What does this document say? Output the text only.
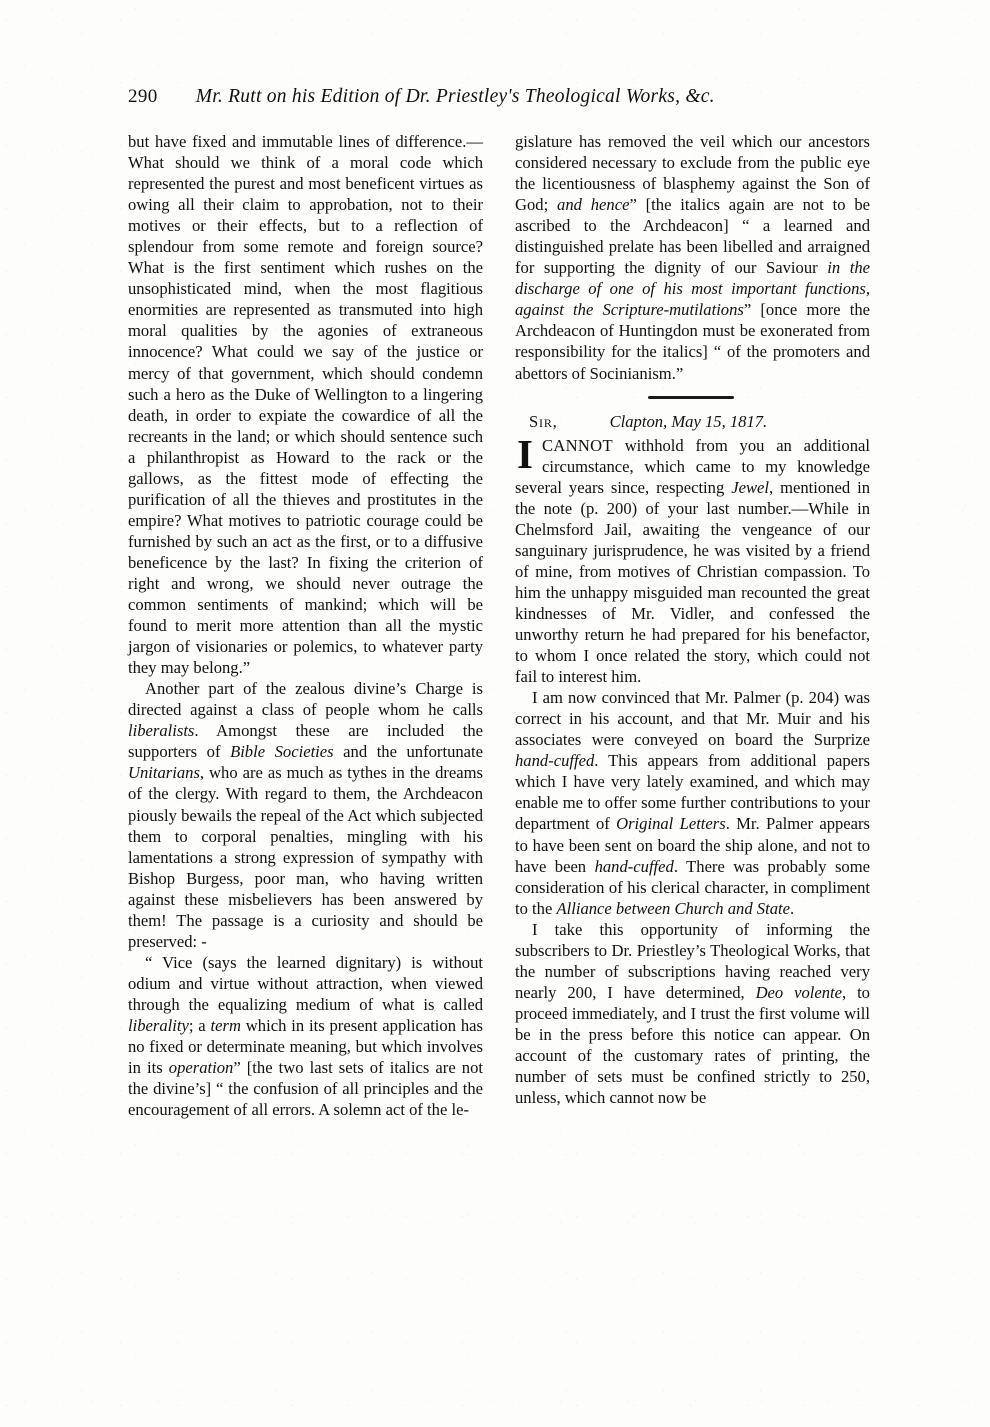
290 Mr. Rutt on his Edition of Dr. Priestley's Theological Works, &c.

but have fixed and immutable lines of difference.—What should we think of a moral code which represented the purest and most beneficent virtues as owing all their claim to approbation, not to their motives or their effects, but to a reflection of splendour from some remote and foreign source? What is the first sentiment which rushes on the unsophisticated mind, when the most flagitious enormities are represented as transmuted into high moral qualities by the agonies of extraneous innocence? What could we say of the justice or mercy of that government, which should condemn such a hero as the Duke of Wellington to a lingering death, in order to expiate the cowardice of all the recreants in the land; or which should sentence such a philanthropist as Howard to the rack or the gallows, as the fittest mode of effecting the purification of all the thieves and prostitutes in the empire? What motives to patriotic courage could be furnished by such an act as the first, or to a diffusive beneficence by the last? In fixing the criterion of right and wrong, we should never outrage the common sentiments of mankind; which will be found to merit more attention than all the mystic jargon of visionaries or polemics, to whatever party they may belong.”

Another part of the zealous divine’s Charge is directed against a class of people whom he calls liberalists. Amongst these are included the supporters of Bible Societies and the unfortunate Unitarians, who are as much as tythes in the dreams of the clergy. With regard to them, the Archdeacon piously bewails the repeal of the Act which subjected them to corporal penalties, mingling with his lamentations a strong expression of sympathy with Bishop Burgess, poor man, who having written against these misbelievers has been answered by them! The passage is a curiosity and should be preserved: -

“ Vice (says the learned dignitary) is without odium and virtue without attraction, when viewed through the equalizing medium of what is called liberality; a term which in its present application has no fixed or determinate meaning, but which involves in its operation” [the two last sets of italics are not the divine’s] “ the confusion of all principles and the encouragement of all errors. A solemn act of the le-

gislature has removed the veil which our ancestors considered necessary to exclude from the public eye the licentiousness of blasphemy against the Son of God; and hence” [the italics again are not to be ascribed to the Archdeacon] “ a learned and distinguished prelate has been libelled and arraigned for supporting the dignity of our Saviour in the discharge of one of his most important functions, against the Scripture-mutilations” [once more the Archdeacon of Huntingdon must be exonerated from responsibility for the italics] “ of the promoters and abettors of Socinianism.”

Sir,	Clapton, May 15, 1817.

ICANNOT withhold from you an additional circumstance, which came to my knowledge several years since, respecting Jewel, mentioned in the note (p. 200) of your last number.—While in Chelmsford Jail, awaiting the vengeance of our sanguinary jurisprudence, he was visited by a friend of mine, from motives of Christian compassion. To him the unhappy misguided man recounted the great kindnesses of Mr. Vidler, and confessed the unworthy return he had prepared for his benefactor, to whom I once related the story, which could not fail to interest him.

I am now convinced that Mr. Palmer (p. 204) was correct in his account, and that Mr. Muir and his associates were conveyed on board the Surprize hand-cuffed. This appears from additional papers which I have very lately examined, and which may enable me to offer some further contributions to your department of Original Letters. Mr. Palmer appears to have been sent on board the ship alone, and not to have been hand-cuffed. There was probably some consideration of his clerical character, in compliment to the Alliance between Church and State.

I take this opportunity of informing the subscribers to Dr. Priestley’s Theological Works, that the number of subscriptions having reached very nearly 200, I have determined, Deo volente, to proceed immediately, and I trust the first volume will be in the press before this notice can appear. On account of the customary rates of printing, the number of sets must be confined strictly to 250, unless, which cannot now be
